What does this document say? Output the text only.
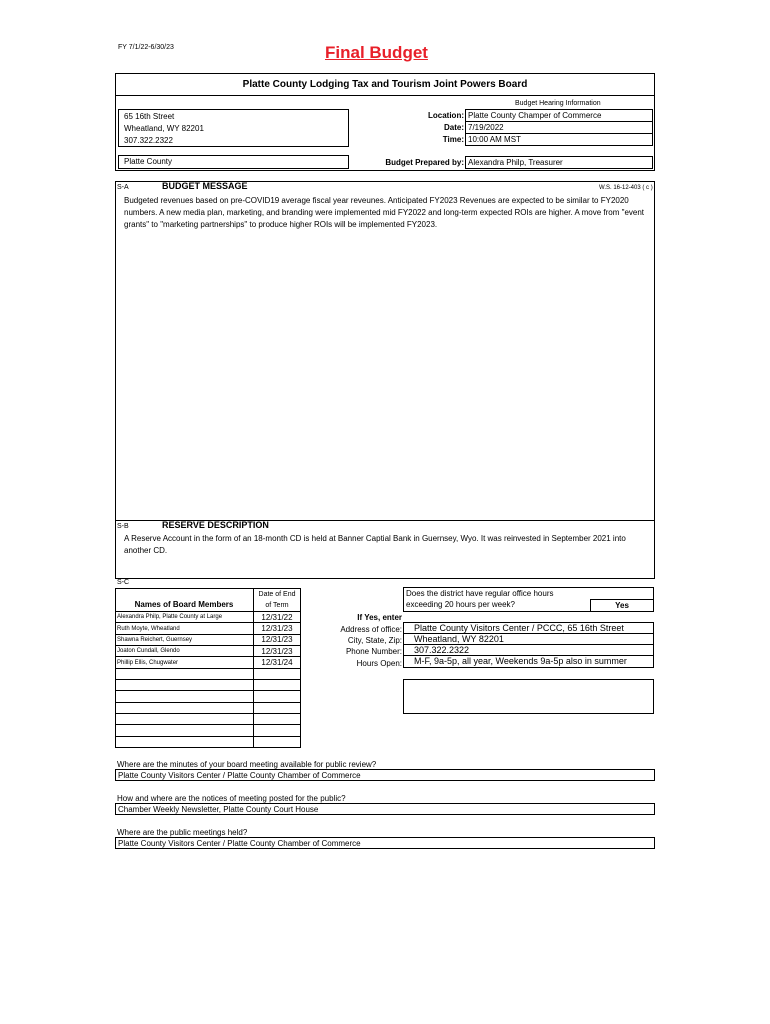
FY 7/1/22-6/30/23	Final Budget
Platte County Lodging Tax and Tourism Joint Powers Board
65 16th Street
Wheatland, WY 82201
307.322.2322
Platte County
Budget Hearing Information
Location: Platte County Champer of Commerce
Date: 7/19/2022
Time: 10:00 AM MST
Budget Prepared by: Alexandra Philp, Treasurer
S-A	BUDGET MESSAGE	W.S. 16-12-403 ( c )
Budgeted revenues based on pre-COVID19 average fiscal year reveunes. Anticipated FY2023 Revenues are expected to be similar to FY2020 numbers. A new media plan, marketing, and branding were implemented mid FY2022 and long-term expected ROIs are higher. A move from "event grants" to "marketing partnerships" to produce higher ROIs will be implemented FY2023.
S-B	RESERVE DESCRIPTION
A Reserve Account in the form of an 18-month CD is held at Banner Captial Bank in Guernsey, Wyo. It was reinvested in September 2021 into another CD.
S-C
Date of End
of Term
Names of Board Members
Alexandra Philp, Platte County at Large	12/31/22
Ruth Moyte, Wheatland	12/31/23
Shawna Reichert, Guernsey	12/31/23
Joaton Cundall, Glendo	12/31/23
Phillip Ellis, Chugwater	12/31/24
Does the district have regular office hours
exceeding 20 hours per week?	Yes
If Yes, enter
Address of office: Platte County Visitors Center / PCCC, 65 16th Street
City, State, Zip: Wheatland, WY 82201
Phone Number: 307.322.2322
Hours Open: M-F, 9a-5p, all year, Weekends 9a-5p also in summer
Where are the minutes of your board meeting available for public review?
Platte County Visitors Center / Platte County Chamber of Commerce
How and where are the notices of meeting posted for the public?
Chamber Weekly Newsletter, Platte County Court House
Where are the public meetings held?
Platte County Visitors Center / Platte County Chamber of Commerce
